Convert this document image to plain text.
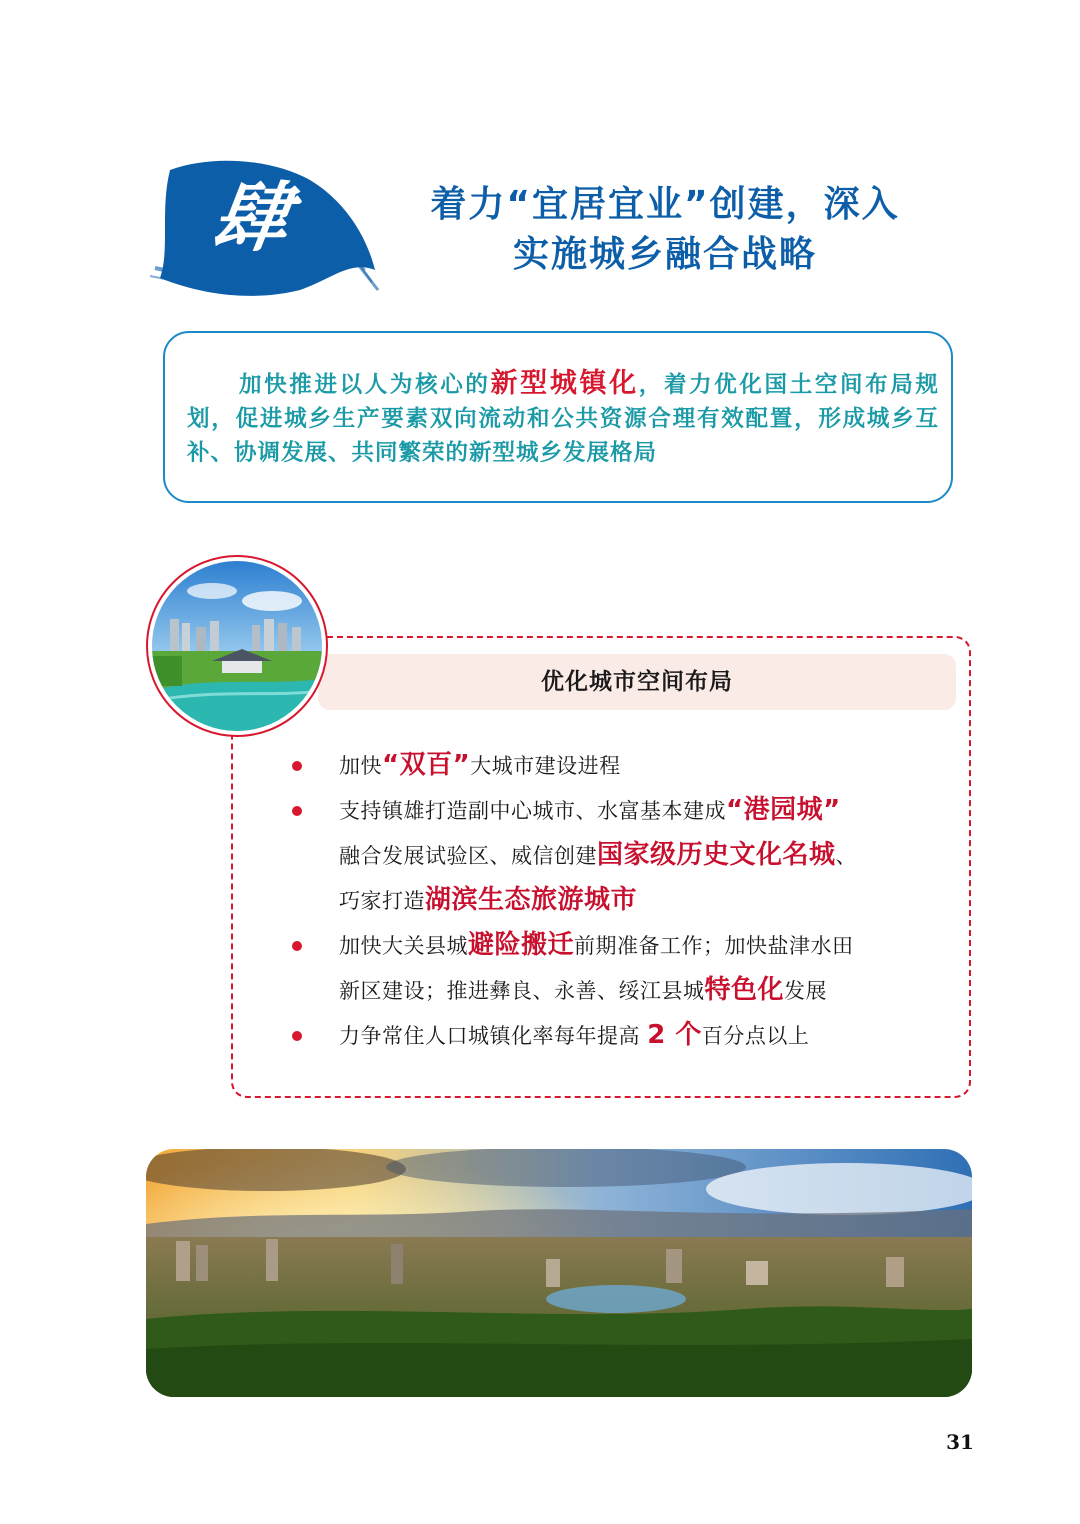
肆	着力“宜居宜业”创建，深入
实施城乡融合战略
加快推进以人为核心的新型城镇化，着力优化国土空间布局规划，促进城乡生产要素双向流动和公共资源合理有效配置，形成城乡互补、协调发展、共同繁荣的新型城乡发展格局
优化城市空间布局
加快“双百”大城市建设进程
支持镇雄打造副中心城市、水富基本建成“港园城”
融合发展试验区、威信创建国家级历史文化名城、
巧家打造湖滨生态旅游城市
加快大关县城避险搬迁前期准备工作；加快盐津水田
新区建设；推进彝良、永善、绥江县城特色化发展
力争常住人口城镇化率每年提高 2 个百分点以上
31
